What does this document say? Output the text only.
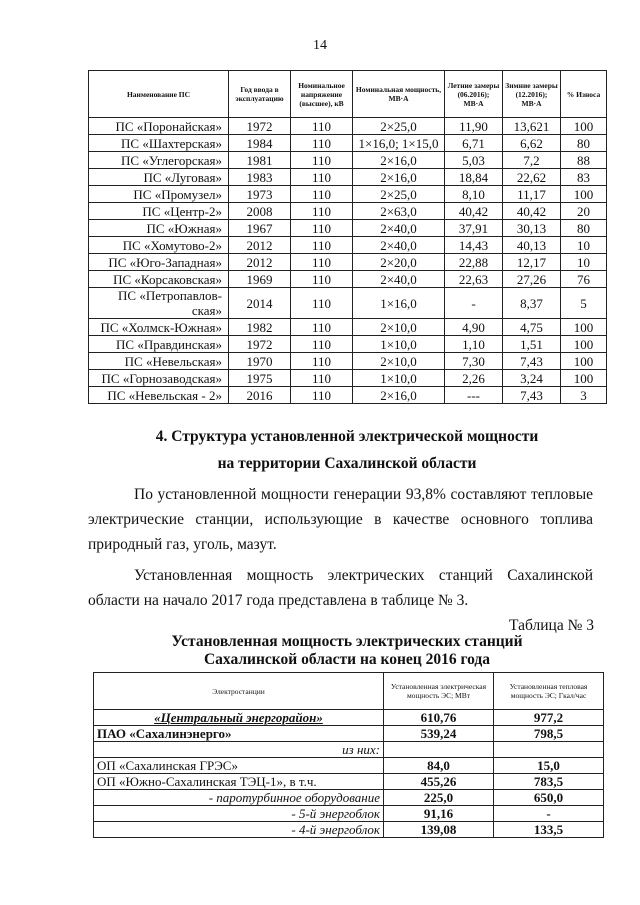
14
Наименование ПС	Год ввода в эксплуатацию	Номинальное напряжение (высшее), кВ	Номинальная мощность, МВ·А	Летние замеры (06.2016); МВ·А	Зимние замеры (12.2016); МВ·А	% Износа
ПС «Поронайская»	1972	110	2×25,0	11,90	13,621	100
ПС «Шахтерская»	1984	110	1×16,0; 1×15,0	6,71	6,62	80
ПС «Углегорская»	1981	110	2×16,0	5,03	7,2	88
ПС «Луговая»	1983	110	2×16,0	18,84	22,62	83
ПС «Промузел»	1973	110	2×25,0	8,10	11,17	100
ПС «Центр-2»	2008	110	2×63,0	40,42	40,42	20
ПС «Южная»	1967	110	2×40,0	37,91	30,13	80
ПС «Хомутово-2»	2012	110	2×40,0	14,43	40,13	10
ПС «Юго-Западная»	2012	110	2×20,0	22,88	12,17	10
ПС «Корсаковская»	1969	110	2×40,0	22,63	27,26	76
ПС «Петропавлов-ская»	2014	110	1×16,0	-	8,37	5
ПС «Холмск-Южная»	1982	110	2×10,0	4,90	4,75	100
ПС «Правдинская»	1972	110	1×10,0	1,10	1,51	100
ПС «Невельская»	1970	110	2×10,0	7,30	7,43	100
ПС «Горнозаводская»	1975	110	1×10,0	2,26	3,24	100
ПС «Невельская - 2»	2016	110	2×16,0	---	7,43	3
4. Структура установленной электрической мощности
на территории Сахалинской области
По установленной мощности генерации 93,8% составляют тепловые электрические станции, использующие в качестве основного топлива природный газ, уголь, мазут.
Установленная мощность электрических станций Сахалинской области на начало 2017 года представлена в таблице № 3.
Таблица № 3
Установленная мощность электрических станций
Сахалинской области на конец 2016 года
Электростанции	Установленная электрическая мощность ЭС; МВт	Установленная тепловая мощность ЭС; Гкал/час
«Центральный энергорайон»	610,76	977,2
ПАО «Сахалинэнерго»	539,24	798,5
из них:		
ОП «Сахалинская ГРЭС»	84,0	15,0
ОП «Южно-Сахалинская ТЭЦ-1», в т.ч.	455,26	783,5
- паротурбинное оборудование	225,0	650,0
- 5-й энергоблок	91,16	-
- 4-й энергоблок	139,08	133,5
